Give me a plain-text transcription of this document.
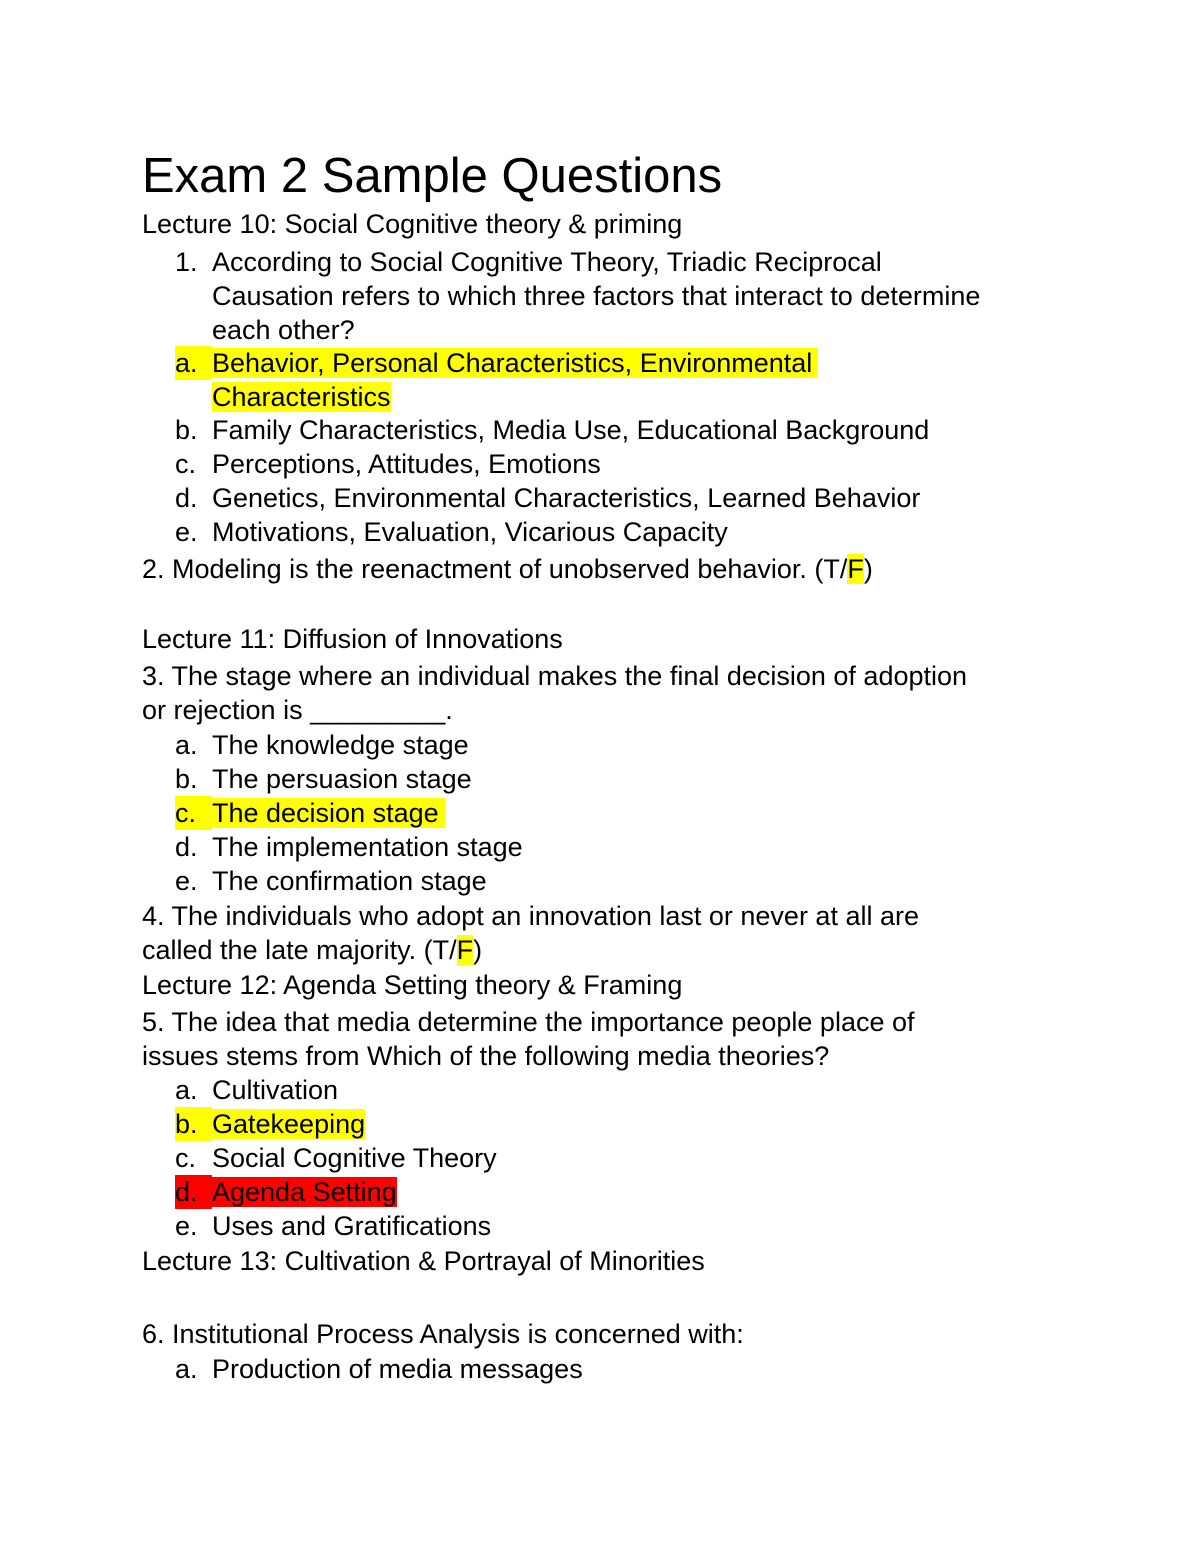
Exam 2 Sample Questions
Lecture 10: Social Cognitive theory & priming
1. According to Social Cognitive Theory, Triadic Reciprocal
Causation refers to which three factors that interact to determine
each other?
a. Behavior, Personal Characteristics, Environmental
Characteristics
b. Family Characteristics, Media Use, Educational Background
c. Perceptions, Attitudes, Emotions
d. Genetics, Environmental Characteristics, Learned Behavior
e. Motivations, Evaluation, Vicarious Capacity
2. Modeling is the reenactment of unobserved behavior. (T/F)
Lecture 11: Diffusion of Innovations
3. The stage where an individual makes the final decision of adoption
or rejection is _________.
a. The knowledge stage
b. The persuasion stage
c. The decision stage
d. The implementation stage
e. The confirmation stage
4. The individuals who adopt an innovation last or never at all are
called the late majority. (T/F)
Lecture 12: Agenda Setting theory & Framing
5. The idea that media determine the importance people place of
issues stems from Which of the following media theories?
a. Cultivation
b. Gatekeeping
c. Social Cognitive Theory
d. Agenda Setting
e. Uses and Gratifications
Lecture 13: Cultivation & Portrayal of Minorities
6. Institutional Process Analysis is concerned with:
a. Production of media messages
